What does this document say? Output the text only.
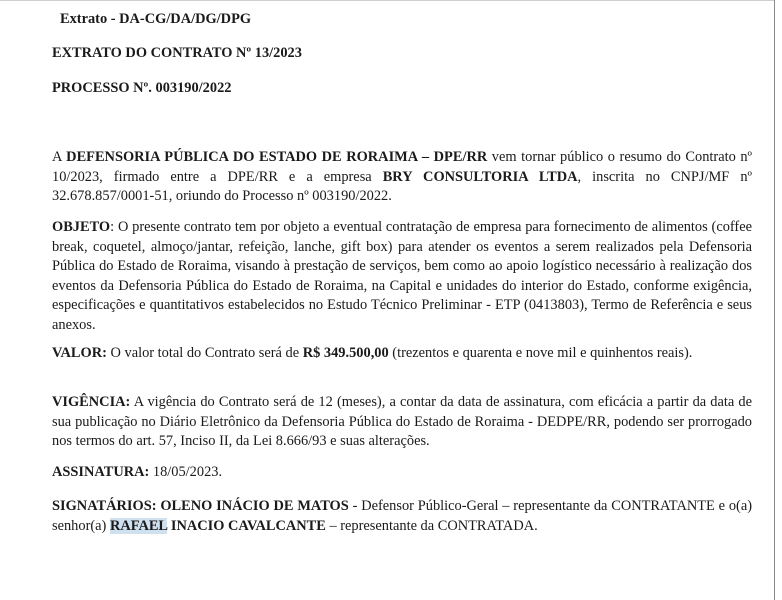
Extrato - DA-CG/DA/DG/DPG
EXTRATO DO CONTRATO Nº 13/2023
PROCESSO Nº. 003190/2022
A DEFENSORIA PÚBLICA DO ESTADO DE RORAIMA – DPE/RR vem tornar público o resumo do Contrato nº 10/2023, firmado entre a DPE/RR e a empresa BRY CONSULTORIA LTDA, inscrita no CNPJ/MF nº 32.678.857/0001-51, oriundo do Processo nº 003190/2022.
OBJETO: O presente contrato tem por objeto a eventual contratação de empresa para fornecimento de alimentos (coffee break, coquetel, almoço/jantar, refeição, lanche, gift box) para atender os eventos a serem realizados pela Defensoria Pública do Estado de Roraima, visando à prestação de serviços, bem como ao apoio logístico necessário à realização dos eventos da Defensoria Pública do Estado de Roraima, na Capital e unidades do interior do Estado, conforme exigência, especificações e quantitativos estabelecidos no Estudo Técnico Preliminar - ETP (0413803), Termo de Referência e seus anexos.
VALOR: O valor total do Contrato será de R$ 349.500,00 (trezentos e quarenta e nove mil e quinhentos reais).
VIGÊNCIA: A vigência do Contrato será de 12 (meses), a contar da data de assinatura, com eficácia a partir da data de sua publicação no Diário Eletrônico da Defensoria Pública do Estado de Roraima - DEDPE/RR, podendo ser prorrogado nos termos do art. 57, Inciso II, da Lei 8.666/93 e suas alterações.
ASSINATURA: 18/05/2023.
SIGNATÁRIOS: OLENO INÁCIO DE MATOS - Defensor Público-Geral – representante da CONTRATANTE e o(a) senhor(a) RAFAEL INACIO CAVALCANTE – representante da CONTRATADA.
